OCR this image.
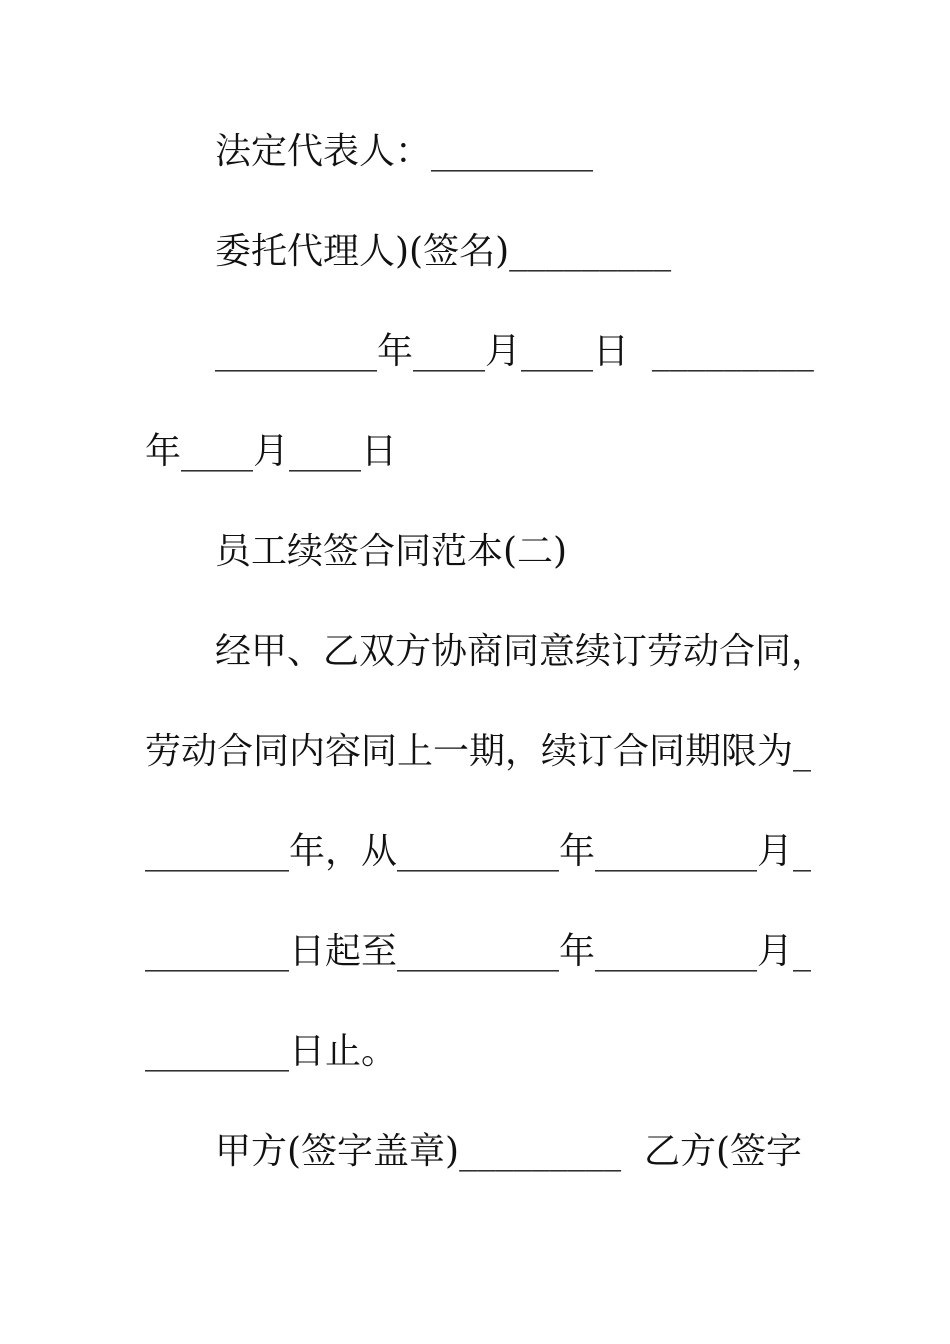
法定代表人：_________
委托代理人)(签名)_________
_________年____月____日  _________
年____月____日
员工续签合同范本(二)
经甲、乙双方协商同意续订劳动合同，
劳动合同内容同上一期，续订合同期限为_
________年，从_________年_________月_
________日起至_________年_________月_
________日止。
甲方(签字盖章)_________  乙方(签字
